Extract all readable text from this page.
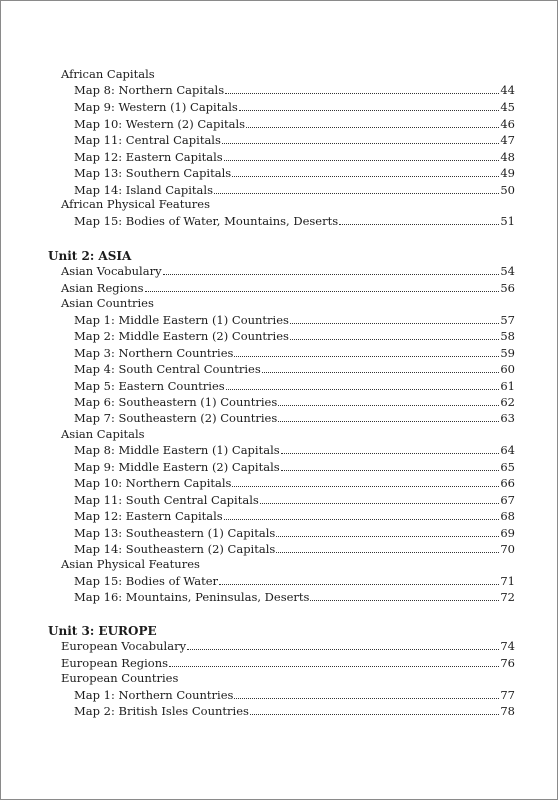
African Capitals
Map 8: Northern Capitals	44
Map 9: Western (1) Capitals	45
Map 10: Western (2) Capitals	46
Map 11: Central Capitals	47
Map 12: Eastern Capitals	48
Map 13: Southern Capitals	49
Map 14: Island Capitals	50
African Physical Features
Map 15: Bodies of Water, Mountains, Deserts	51
Unit 2: ASIA
Asian Vocabulary	54
Asian Regions	56
Asian Countries
Map 1: Middle Eastern (1) Countries	57
Map 2: Middle Eastern (2) Countries	58
Map 3: Northern Countries	59
Map 4: South Central Countries	60
Map 5: Eastern Countries	61
Map 6: Southeastern (1) Countries	62
Map 7: Southeastern (2) Countries	63
Asian Capitals
Map 8: Middle Eastern (1) Capitals	64
Map 9: Middle Eastern (2) Capitals	65
Map 10: Northern Capitals	66
Map 11: South Central Capitals	67
Map 12: Eastern Capitals	68
Map 13: Southeastern (1) Capitals	69
Map 14: Southeastern (2) Capitals	70
Asian Physical Features
Map 15: Bodies of Water	71
Map 16: Mountains, Peninsulas, Deserts	72
Unit 3: EUROPE
European Vocabulary	74
European Regions	76
European Countries
Map 1: Northern Countries	77
Map 2: British Isles Countries	78
